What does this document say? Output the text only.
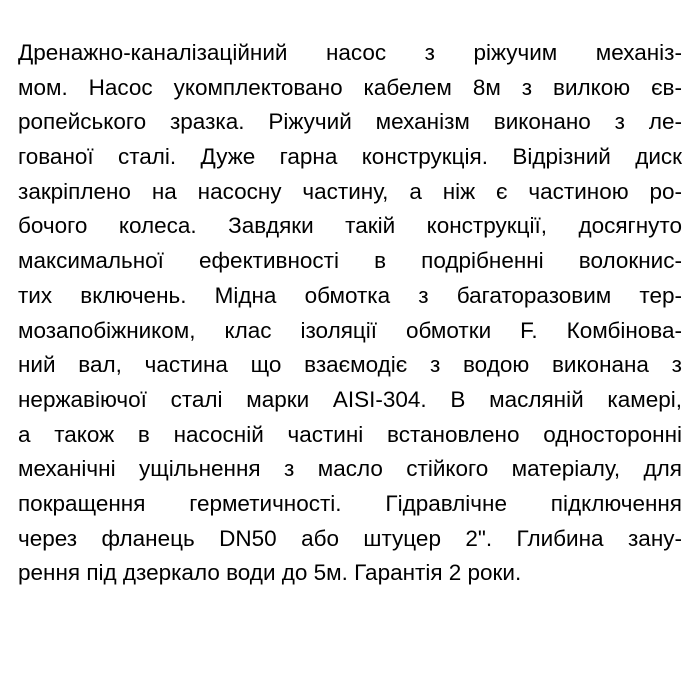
Дренажно-каналізаційний насос з ріжучим механіз-
мом. Насос укомплектовано кабелем 8м з вилкою єв-
ропейського зразка. Ріжучий механізм виконано з ле-
гованої сталі. Дуже гарна конструкція. Відрізний диск
закріплено на насосну частину, а ніж є частиною ро-
бочого колеса. Завдяки такій конструкції, досягнуто
максимальної ефективності в подрібненні волокнис-
тих включень. Мідна обмотка з багаторазовим тер-
мозапобіжником, клас ізоляції обмотки F. Комбінова-
ний вал, частина що взаємодіє з водою виконана з
нержавіючої сталі марки AISI-304. В масляній камері,
а також в насосній частині встановлено односторонні
механічні ущільнення з масло стійкого матеріалу, для
покращення герметичності. Гідравлічне підключення
через фланець DN50 або штуцер 2". Глибина зану-
рення під дзеркало води до 5м. Гарантія 2 роки.
